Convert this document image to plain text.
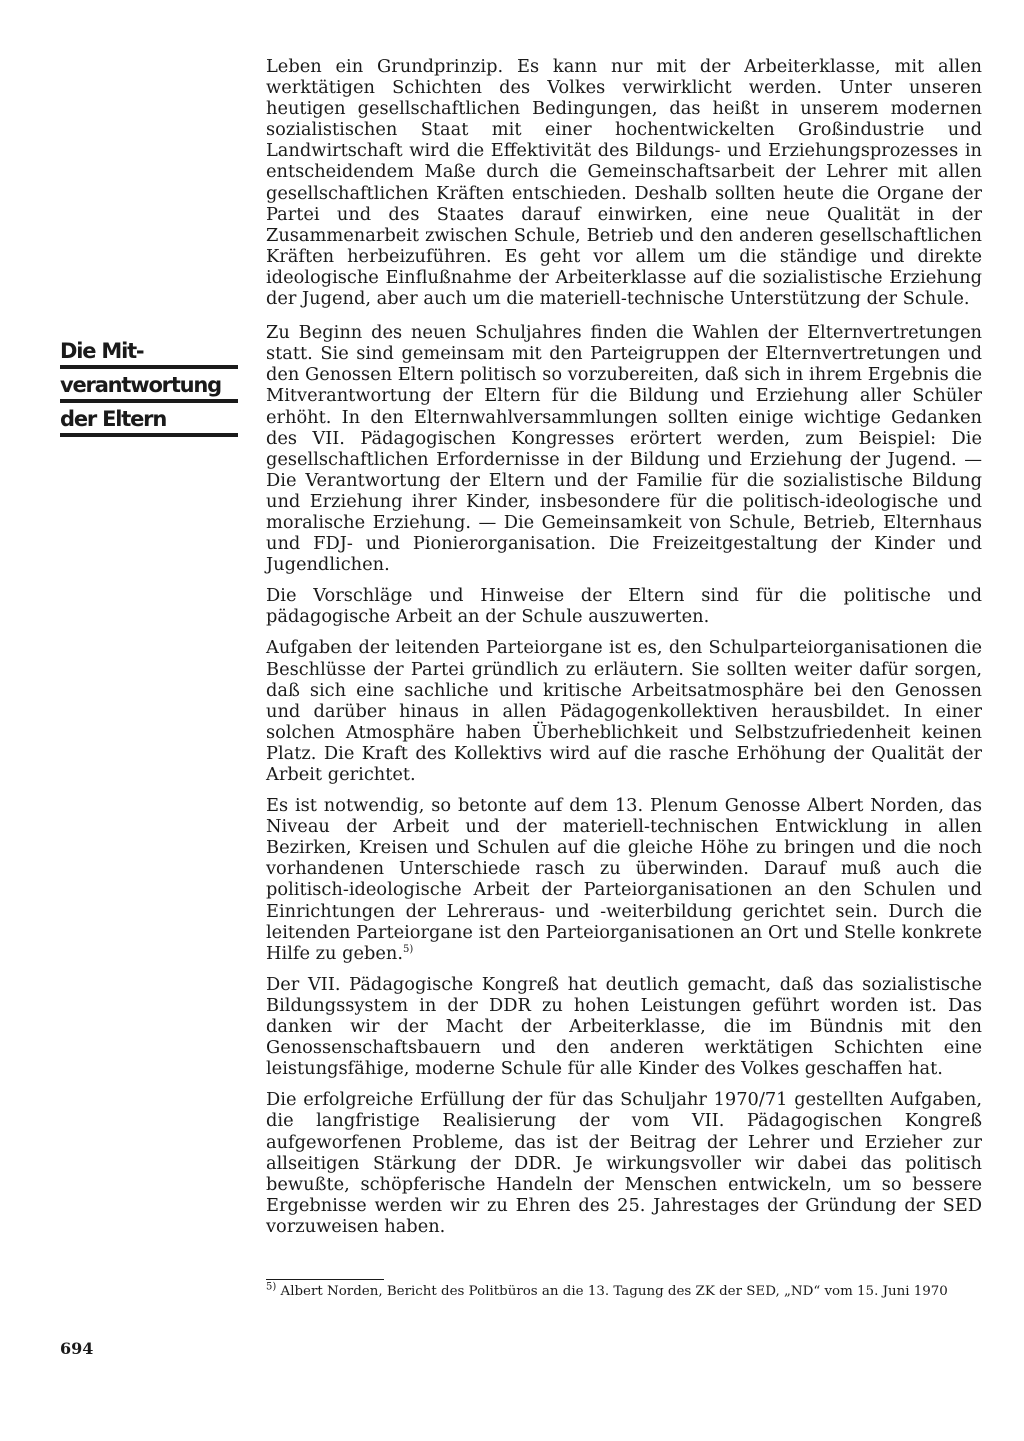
Die Mit-
verantwortung
der Eltern

Leben ein Grundprinzip. Es kann nur mit der Arbeiterklasse, mit allen werktätigen Schichten des Volkes verwirklicht werden. Unter unseren heutigen gesellschaftlichen Bedingungen, das heißt in unserem modernen sozialistischen Staat mit einer hochentwickelten Großindustrie und Landwirtschaft wird die Effektivität des Bildungs- und Erziehungsprozesses in entscheidendem Maße durch die Gemeinschaftsarbeit der Lehrer mit allen gesellschaftlichen Kräften entschieden. Deshalb sollten heute die Organe der Partei und des Staates darauf einwirken, eine neue Qualität in der Zusammenarbeit zwischen Schule, Betrieb und den anderen gesellschaftlichen Kräften herbeizuführen. Es geht vor allem um die ständige und direkte ideologische Einflußnahme der Arbeiterklasse auf die sozialistische Erziehung der Jugend, aber auch um die materiell-technische Unterstützung der Schule.

Zu Beginn des neuen Schuljahres finden die Wahlen der Elternvertretungen statt. Sie sind gemeinsam mit den Parteigruppen der Elternvertretungen und den Genossen Eltern politisch so vorzubereiten, daß sich in ihrem Ergebnis die Mitverantwortung der Eltern für die Bildung und Erziehung aller Schüler erhöht. In den Elternwahlversammlungen sollten einige wichtige Gedanken des VII. Pädagogischen Kongresses erörtert werden, zum Beispiel: Die gesellschaftlichen Erfordernisse in der Bildung und Erziehung der Jugend. — Die Verantwortung der Eltern und der Familie für die sozialistische Bildung und Erziehung ihrer Kinder, insbesondere für die politisch-ideologische und moralische Erziehung. — Die Gemeinsamkeit von Schule, Betrieb, Elternhaus und FDJ- und Pionierorganisation. Die Freizeitgestaltung der Kinder und Jugendlichen.

Die Vorschläge und Hinweise der Eltern sind für die politische und pädagogische Arbeit an der Schule auszuwerten.

Aufgaben der leitenden Parteiorgane ist es, den Schulparteiorganisationen die Beschlüsse der Partei gründlich zu erläutern. Sie sollten weiter dafür sorgen, daß sich eine sachliche und kritische Arbeitsatmosphäre bei den Genossen und darüber hinaus in allen Pädagogenkollektiven herausbildet. In einer solchen Atmosphäre haben Überheblichkeit und Selbstzufriedenheit keinen Platz. Die Kraft des Kollektivs wird auf die rasche Erhöhung der Qualität der Arbeit gerichtet.

Es ist notwendig, so betonte auf dem 13. Plenum Genosse Albert Norden, das Niveau der Arbeit und der materiell-technischen Entwicklung in allen Bezirken, Kreisen und Schulen auf die gleiche Höhe zu bringen und die noch vorhandenen Unterschiede rasch zu überwinden. Darauf muß auch die politisch-ideologische Arbeit der Parteiorganisationen an den Schulen und Einrichtungen der Lehreraus- und -weiterbildung gerichtet sein. Durch die leitenden Parteiorgane ist den Parteiorganisationen an Ort und Stelle konkrete Hilfe zu geben.$^{5)}$

Der VII. Pädagogische Kongreß hat deutlich gemacht, daß das sozialistische Bildungssystem in der DDR zu hohen Leistungen geführt worden ist. Das danken wir der Macht der Arbeiterklasse, die im Bündnis mit den Genossenschaftsbauern und den anderen werktätigen Schichten eine leistungsfähige, moderne Schule für alle Kinder des Volkes geschaffen hat.

Die erfolgreiche Erfüllung der für das Schuljahr 1970/71 gestellten Aufgaben, die langfristige Realisierung der vom VII. Pädagogischen Kongreß aufgeworfenen Probleme, das ist der Beitrag der Lehrer und Erzieher zur allseitigen Stärkung der DDR. Je wirkungsvoller wir dabei das politisch bewußte, schöpferische Handeln der Menschen entwickeln, um so bessere Ergebnisse werden wir zu Ehren des 25. Jahrestages der Gründung der SED vorzuweisen haben.

$^{5)}$ Albert Norden, Bericht des Politbüros an die 13. Tagung des ZK der SED, „ND“ vom 15. Juni 1970
694
